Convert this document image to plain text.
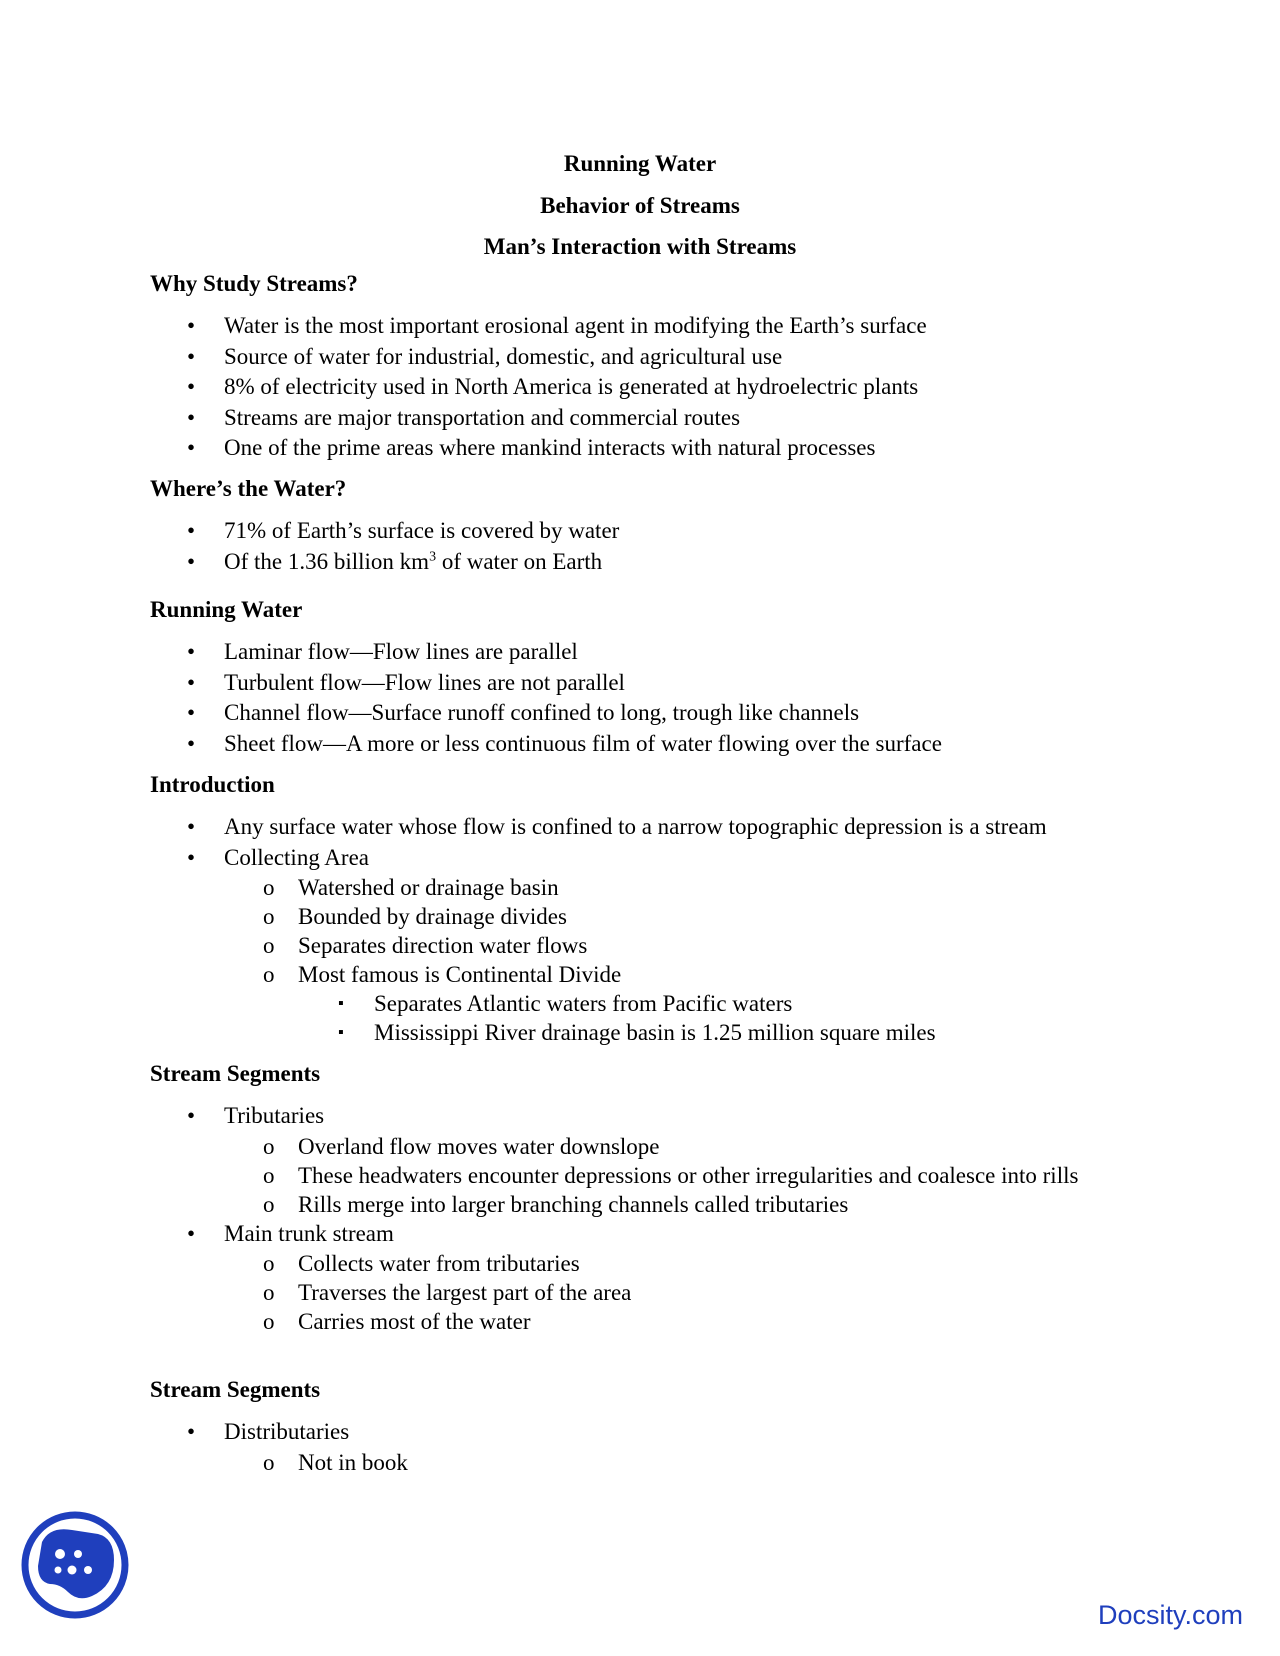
Running Water
Behavior of Streams
Man’s Interaction with Streams
Why Study Streams?
• Water is the most important erosional agent in modifying the Earth’s surface
• Source of water for industrial, domestic, and agricultural use
• 8% of electricity used in North America is generated at hydroelectric plants
• Streams are major transportation and commercial routes
• One of the prime areas where mankind interacts with natural processes
Where’s the Water?
• 71% of Earth’s surface is covered by water
• Of the 1.36 billion $km^3$ of water on Earth
Running Water
• Laminar flow—Flow lines are parallel
• Turbulent flow—Flow lines are not parallel
• Channel flow—Surface runoff confined to long, trough like channels
• Sheet flow—A more or less continuous film of water flowing over the surface
Introduction
• Any surface water whose flow is confined to a narrow topographic depression is a stream
• Collecting Area
o Watershed or drainage basin
o Bounded by drainage divides
o Separates direction water flows
o Most famous is Continental Divide
▪ Separates Atlantic waters from Pacific waters
▪ Mississippi River drainage basin is 1.25 million square miles
Stream Segments
• Tributaries
o Overland flow moves water downslope
o These headwaters encounter depressions or other irregularities and coalesce into rills
o Rills merge into larger branching channels called tributaries
• Main trunk stream
o Collects water from tributaries
o Traverses the largest part of the area
o Carries most of the water
Stream Segments
• Distributaries
o Not in book
Docsity.com
